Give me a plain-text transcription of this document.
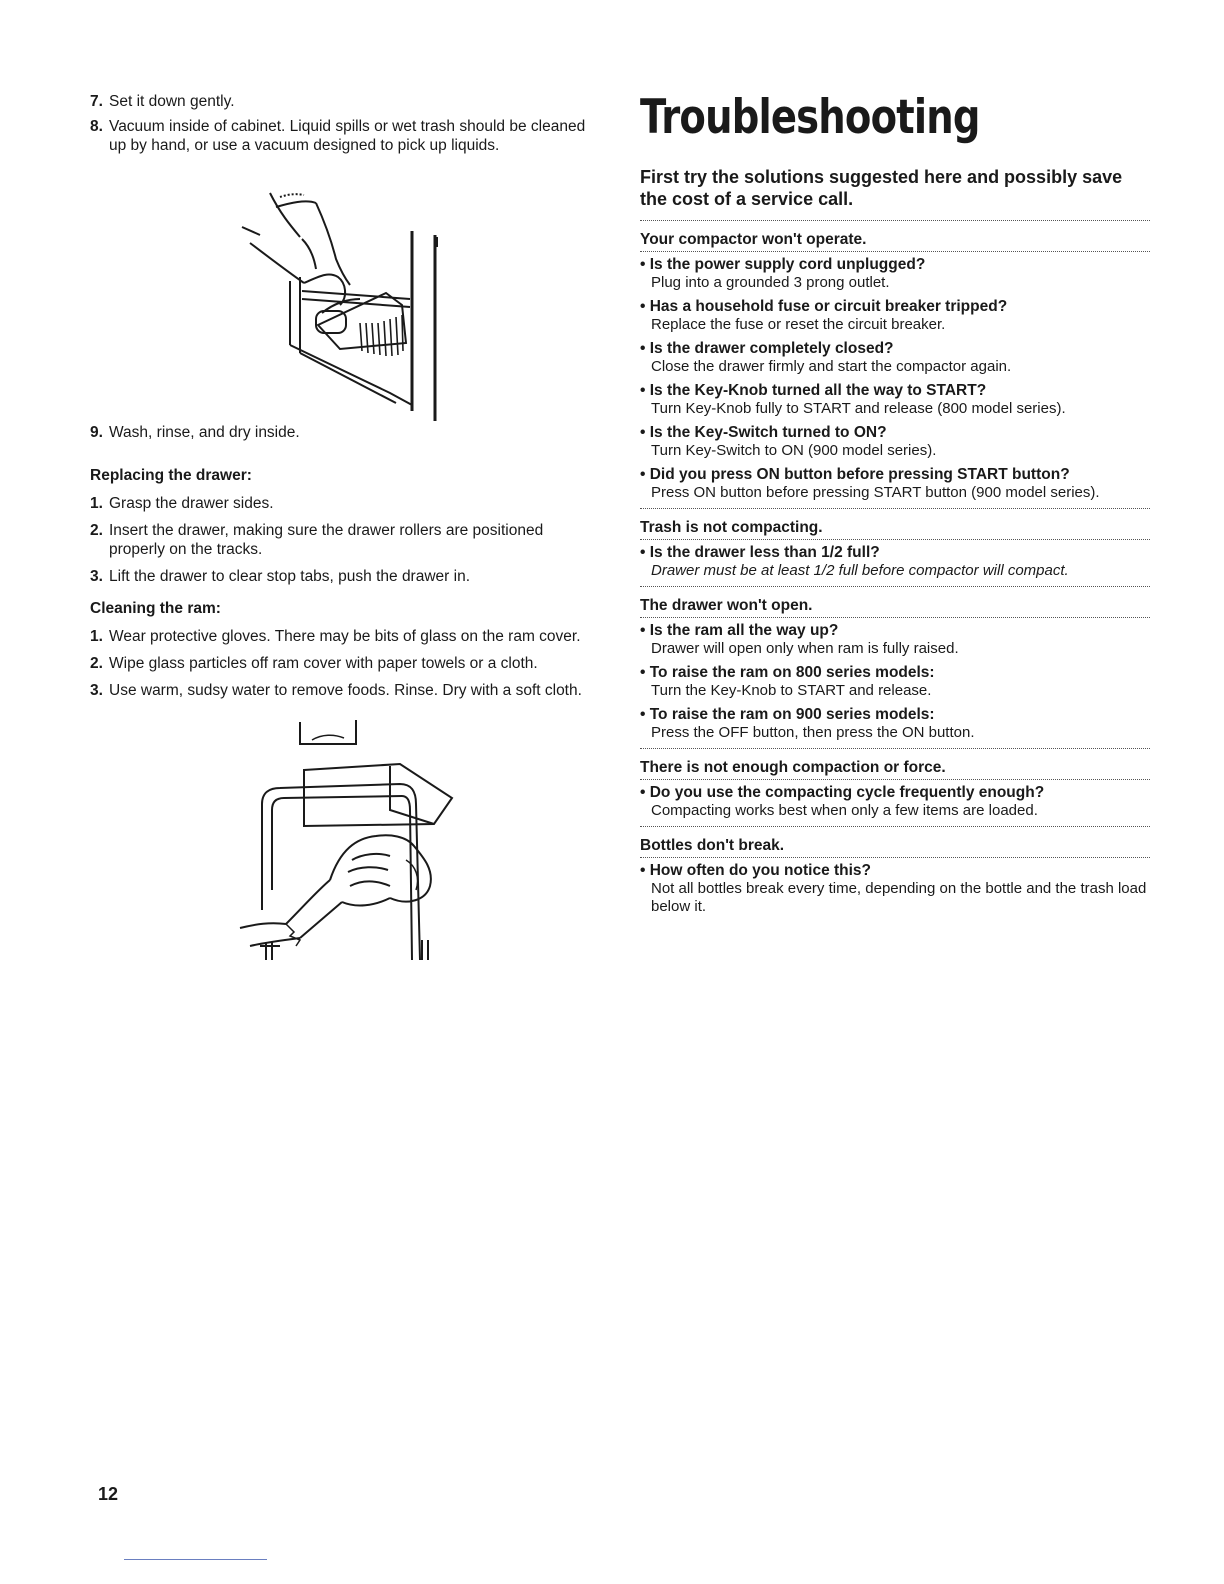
7. Set it down gently.
8. Vacuum inside of cabinet. Liquid spills or wet trash should be cleaned up by hand, or use a vacuum designed to pick up liquids.
9. Wash, rinse, and dry inside.
Replacing the drawer:
1. Grasp the drawer sides.
2. Insert the drawer, making sure the drawer rollers are positioned properly on the tracks.
3. Lift the drawer to clear stop tabs, push the drawer in.
Cleaning the ram:
1. Wear protective gloves. There may be bits of glass on the ram cover.
2. Wipe glass particles off ram cover with paper towels or a cloth.
3. Use warm, sudsy water to remove foods. Rinse. Dry with a soft cloth.
Troubleshooting
First try the solutions suggested here and possibly save the cost of a service call.
Your compactor won't operate.
• Is the power supply cord unplugged?
Plug into a grounded 3 prong outlet.
• Has a household fuse or circuit breaker tripped?
Replace the fuse or reset the circuit breaker.
• Is the drawer completely closed?
Close the drawer firmly and start the compactor again.
• Is the Key-Knob turned all the way to START?
Turn Key-Knob fully to START and release (800 model series).
• Is the Key-Switch turned to ON?
Turn Key-Switch to ON (900 model series).
• Did you press ON button before pressing START button?
Press ON button before pressing START button (900 model series).
Trash is not compacting.
• Is the drawer less than 1/2 full?
Drawer must be at least 1/2 full before compactor will compact.
The drawer won't open.
• Is the ram all the way up?
Drawer will open only when ram is fully raised.
• To raise the ram on 800 series models:
Turn the Key-Knob to START and release.
• To raise the ram on 900 series models:
Press the OFF button, then press the ON button.
There is not enough compaction or force.
• Do you use the compacting cycle frequently enough?
Compacting works best when only a few items are loaded.
Bottles don't break.
• How often do you notice this?
Not all bottles break every time, depending on the bottle and the trash load below it.
12
